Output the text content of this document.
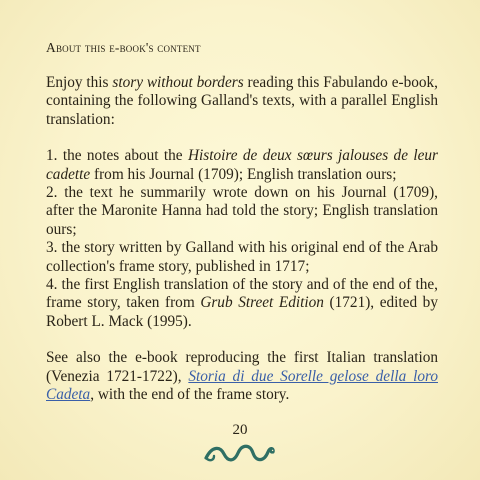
About this e-book's content

Enjoy this story without borders reading this Fabulando e-book, containing the following Galland's texts, with a parallel English translation:

1. the notes about the Histoire de deux sœurs jalouses de leur cadette from his Journal (1709); English translation ours;

2. the text he summarily wrote down on his Journal (1709), after the Maronite Hanna had told the story; English translation ours;

3. the story written by Galland with his original end of the Arab collection's frame story, published in 1717;

4. the first English translation of the story and of the end of the, frame story, taken from Grub Street Edition (1721), edited by Robert L. Mack (1995).

See also the e-book reproducing the first Italian translation (Venezia 1721-1722), Storia di due Sorelle gelose della loro Cadeta, with the end of the frame story.

20
